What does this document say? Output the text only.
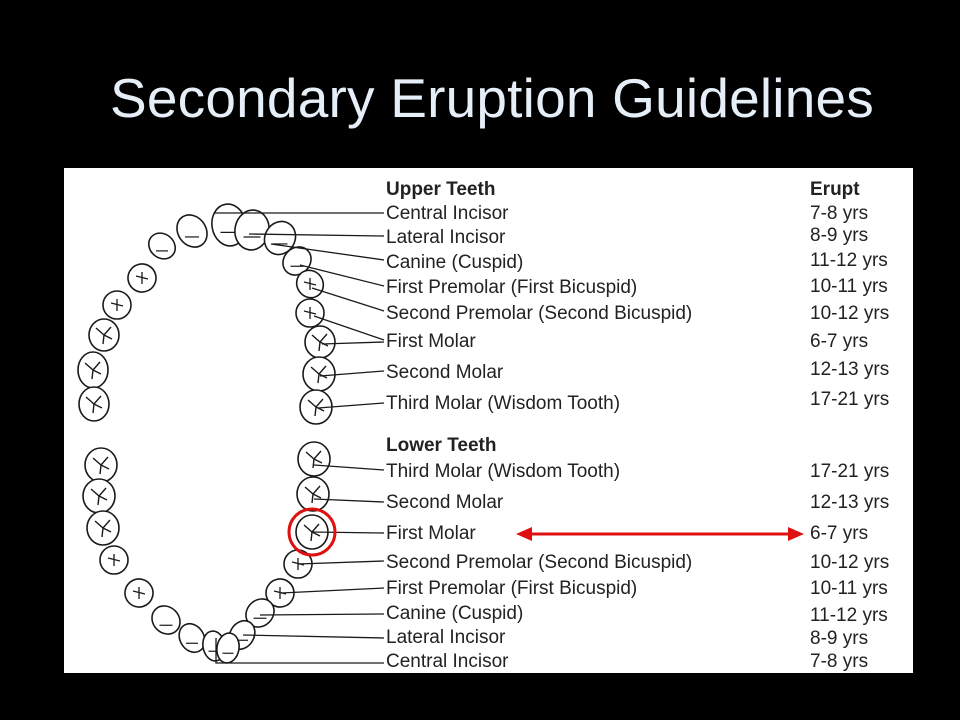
Secondary Eruption Guidelines
Upper Teeth	Erupt
Central Incisor	7-8 yrs
Lateral Incisor	8-9 yrs
Canine (Cuspid)	11-12 yrs
First Premolar (First Bicuspid)	10-11 yrs
Second Premolar (Second Bicuspid)	10-12 yrs
First Molar	6-7 yrs
Second Molar	12-13 yrs
Third Molar (Wisdom Tooth)	17-21 yrs
Lower Teeth
Third Molar (Wisdom Tooth)	17-21 yrs
Second Molar	12-13 yrs
First Molar	6-7 yrs
Second Premolar (Second Bicuspid)	10-12 yrs
First Premolar (First Bicuspid)	10-11 yrs
Canine (Cuspid)	11-12 yrs
Lateral Incisor	8-9 yrs
Central Incisor	7-8 yrs
